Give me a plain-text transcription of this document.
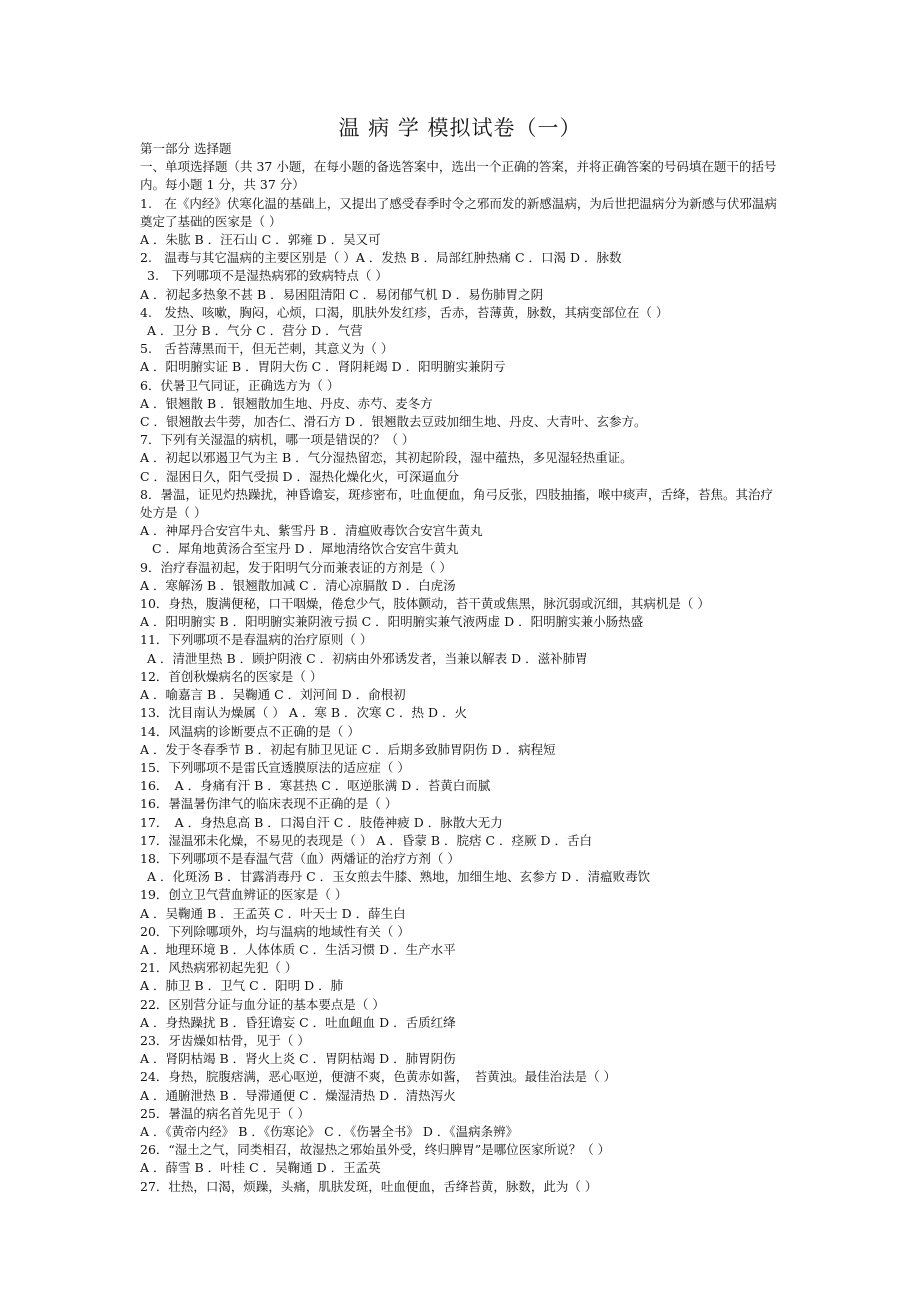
温 病 学 模拟试卷（一）

第一部分 选择题

一、单项选择题（共 37 小题，在每小题的备选答案中，选出一个正确的答案，并将正确答案的号码填在题干的括号内。每小题 1 分，共 37 分）

1.　在《内经》伏寒化温的基础上，又提出了感受春季时令之邪而发的新感温病，为后世把温病分为新感与伏邪温病奠定了基础的医家是（ ）

A ．朱肱 B ．汪石山 C ．郭雍 D ．吴又可

2.　温毒与其它温病的主要区别是（ ）A ．发热 B ．局部红肿热痛 C ．口渴 D ．脉数

3.　下列哪项不是湿热病邪的致病特点（ ）

A ．初起多热象不甚 B ．易困阻清阳 C ．易闭郁气机 D ．易伤肺胃之阴

4.　发热、咳嗽，胸闷，心烦，口渴，肌肤外发红疹，舌赤，苔薄黄，脉数，其病变部位在（ ）

A ．卫分 B ．气分 C ．营分 D ．气营

5.　舌苔薄黑而干，但无芒刺，其意义为（ ）

A ．阳明腑实证 B ．胃阴大伤 C ．肾阴耗竭 D ．阳明腑实兼阴亏

6．伏暑卫气同证，正确选方为（ ）

A ．银翘散 B ．银翘散加生地、丹皮、赤芍、麦冬方

C ．银翘散去牛蒡，加杏仁、滑石方 D ．银翘散去豆豉加细生地、丹皮、大青叶、玄参方。

7．下列有关湿温的病机，哪一项是错误的？（ ）

A ．初起以邪遏卫气为主 B ．气分湿热留恋，其初起阶段，湿中蕴热，多见湿轻热重证。

C ．湿困日久，阳气受损 D ．湿热化燥化火，可深逼血分

8．暑温，证见灼热躁扰，神昏谵妄，斑疹密布，吐血便血，角弓反张，四肢抽搐，喉中痰声，舌绛，苔焦。其治疗处方是（ ）

A ．神犀丹合安宫牛丸、紫雪丹 B ．清瘟败毒饮合安宫牛黄丸

C ．犀角地黄汤合至宝丹 D ．犀地清络饮合安宫牛黄丸

9．治疗春温初起，发于阳明气分而兼表证的方剂是（ ）

A ．寒解汤 B ．银翘散加减 C ．清心凉膈散 D ．白虎汤

10．身热，腹满便秘，口干咽燥，倦怠少气，肢体颤动，苔干黄或焦黑，脉沉弱或沉细，其病机是（ ）

A ．阳明腑实 B ．阳明腑实兼阴液亏损 C ．阳明腑实兼气液两虚 D ．阳明腑实兼小肠热盛

11．下列哪项不是春温病的治疗原则（ ）

A ．清泄里热 B ．顾护阴液 C ．初病由外邪诱发者，当兼以解表 D ．滋补肺胃

12．首创秋燥病名的医家是（ ）

A ．喻嘉言 B ．吴鞠通 C ．刘河间 D ．俞根初

13．沈目南认为燥属（ ） A ．寒 B ．次寒 C ．热 D ．火

14．风温病的诊断要点不正确的是（ ）

A ．发于冬春季节 B ．初起有肺卫见证 C ．后期多致肺胃阴伤 D ．病程短

15．下列哪项不是雷氏宣透膜原法的适应症（ ）

16．　A ．身痛有汗 B ．寒甚热 C ．呕逆胀满 D ．苔黄白而腻

16．暑温暑伤津气的临床表现不正确的是（ ）

17．　A ．身热息高 B ．口渴自汗 C ．肢倦神疲 D ．脉散大无力

17．湿温邪未化燥，不易见的表现是（ ） A ．昏蒙 B ．脘痞 C ．痉厥 D ．舌白

18．下列哪项不是春温气营（血）两燔证的治疗方剂（ ）

A ．化斑汤 B ．甘露消毒丹 C ．玉女煎去牛膝、熟地，加细生地、玄参方 D ．清瘟败毒饮

19．创立卫气营血辨证的医家是（ ）

A ．吴鞠通 B ．王孟英 C ．叶天士 D ．薛生白

20．下列除哪项外，均与温病的地域性有关（ ）

A ．地理环境 B ．人体体质 C ．生活习惯 D ．生产水平

21．风热病邪初起先犯（ ）

A ．肺卫 B ．卫气 C ．阳明 D ．肺

22．区别营分证与血分证的基本要点是（ ）

A ．身热躁扰 B ．昏狂谵妄 C ．吐血衄血 D ．舌质红绛

23．牙齿燥如枯骨，见于（ ）

A ．肾阴枯竭 B ．肾火上炎 C ．胃阴枯竭 D ．肺胃阴伤

24．身热，脘腹痞满，恶心呕逆，便溏不爽，色黄赤如酱，　苔黄浊。最佳治法是（ ）

A ．通腑泄热 B ．导滞通便 C ．燥湿清热 D ．清热泻火

25．暑温的病名首先见于（ ）

A ．《黄帝内经》 B ．《伤寒论》 C ．《伤暑全书》 D ．《温病条辨》

26．“湿土之气，同类相召，故湿热之邪始虽外受，终归脾胃”是哪位医家所说？（ ）

A ．薛雪 B ．叶桂 C ．吴鞠通 D ．王孟英

27．壮热，口渴，烦躁，头痛，肌肤发斑，吐血便血，舌绛苔黄，脉数，此为（ ）
